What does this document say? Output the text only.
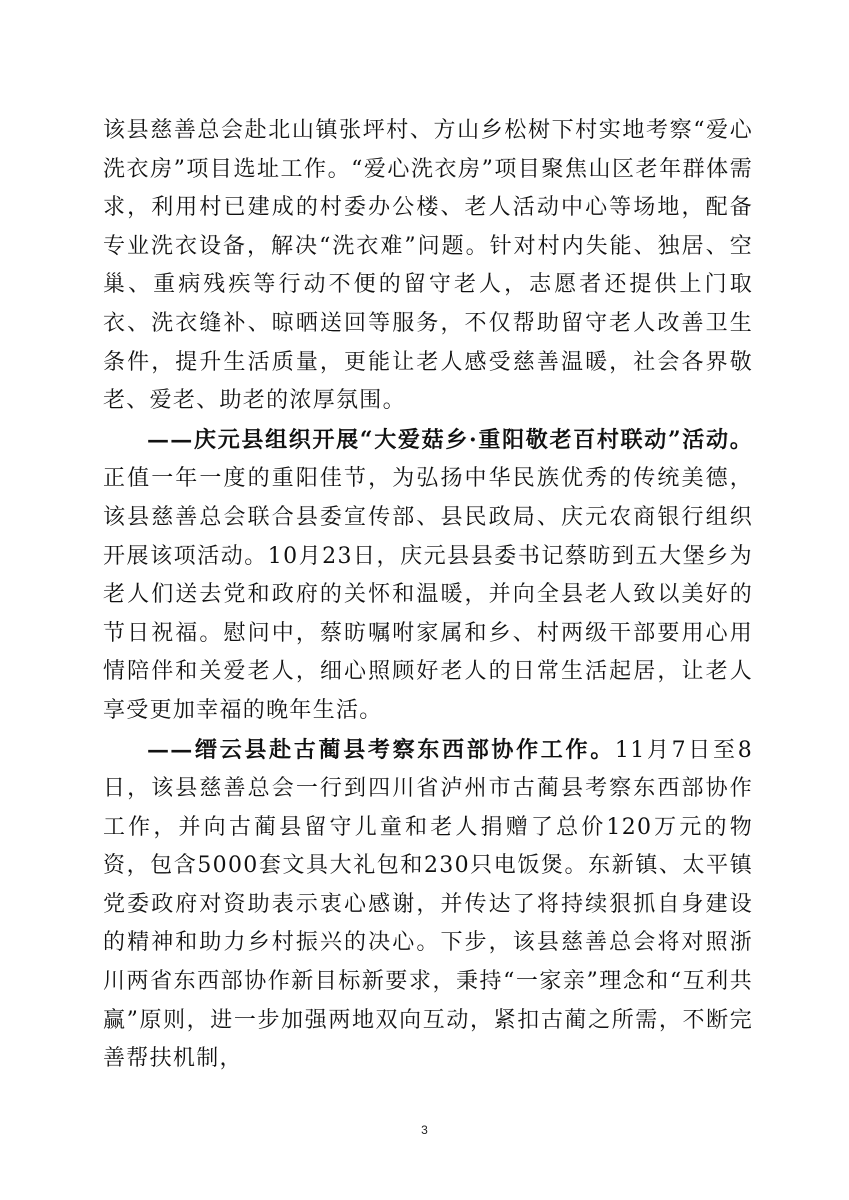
该县慈善总会赴北山镇张坪村、方山乡松树下村实地考察“爱心洗衣房”项目选址工作。“爱心洗衣房”项目聚焦山区老年群体需求，利用村已建成的村委办公楼、老人活动中心等场地，配备专业洗衣设备，解决“洗衣难”问题。针对村内失能、独居、空巢、重病残疾等行动不便的留守老人，志愿者还提供上门取衣、洗衣缝补、晾晒送回等服务，不仅帮助留守老人改善卫生条件，提升生活质量，更能让老人感受慈善温暖，社会各界敬老、爱老、助老的浓厚氛围。

——庆元县组织开展“大爱菇乡·重阳敬老百村联动”活动。正值一年一度的重阳佳节，为弘扬中华民族优秀的传统美德，该县慈善总会联合县委宣传部、县民政局、庆元农商银行组织开展该项活动。10月23日，庆元县县委书记蔡昉到五大堡乡为老人们送去党和政府的关怀和温暖，并向全县老人致以美好的节日祝福。慰问中，蔡昉嘱咐家属和乡、村两级干部要用心用情陪伴和关爱老人，细心照顾好老人的日常生活起居，让老人享受更加幸福的晚年生活。

——缙云县赴古蔺县考察东西部协作工作。11月7日至8日，该县慈善总会一行到四川省泸州市古蔺县考察东西部协作工作，并向古蔺县留守儿童和老人捐赠了总价120万元的物资，包含5000套文具大礼包和230只电饭煲。东新镇、太平镇党委政府对资助表示衷心感谢，并传达了将持续狠抓自身建设的精神和助力乡村振兴的决心。下步，该县慈善总会将对照浙川两省东西部协作新目标新要求，秉持“一家亲”理念和“互利共赢”原则，进一步加强两地双向互动，紧扣古蔺之所需，不断完善帮扶机制，

3
